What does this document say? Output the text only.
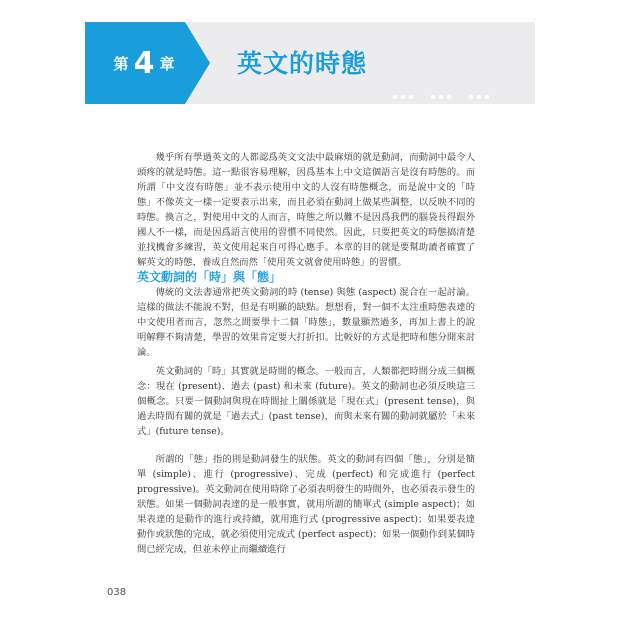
第 4 章	英文的時態

幾乎所有學過英文的人都認爲英文文法中最麻煩的就是動詞，而動詞中最令人頭疼的就是時態。這一點很容易理解，因爲基本上中文這個語言是沒有時態的。而所謂「中文沒有時態」並不表示使用中文的人沒有時態概念，而是說中文的「時態」不像英文一樣一定要表示出來，而且必須在動詞上做某些調整，以反映不同的時態。換言之，對使用中文的人而言，時態之所以難不是因爲我們的腦袋長得跟外國人不一樣，而是因爲語言使用的習慣不同使然。因此，只要把英文的時態搞清楚並找機會多練習，英文使用起來自可得心應手。本章的目的就是要幫助讀者確實了解英文的時態，養成自然而然「使用英文就會使用時態」的習慣。

英文動詞的「時」與「態」

傳統的文法書通常把英文動詞的時 (tense) 與態 (aspect) 混合在一起討論。這樣的做法不能說不對，但是有明顯的缺點。想想看，對一個不太注重時態表達的中文使用者而言，忽然之間要學十二個「時態」，數量顯然過多，再加上書上的說明解釋不夠清楚，學習的效果肯定要大打折扣。比較好的方式是把時和態分開來討論。

英文動詞的「時」其實就是時間的概念。一般而言，人類都把時間分成三個概念：現在 (present)、過去 (past) 和未來 (future)。英文的動詞也必須反映這三個概念。只要一個動詞與現在時間扯上關係就是「現在式」(present tense)，與過去時間有關的就是「過去式」(past tense)，而與未來有關的動詞就屬於「未來式」(future tense)。

所謂的「態」指的則是動詞發生的狀態。英文的動詞有四個「態」，分別是簡單 (simple)、進行 (progressive)、完成 (perfect) 和完成進行 (perfect progressive)。英文動詞在使用時除了必須表明發生的時間外，也必須表示發生的狀態。如果一個動詞表達的是一般事實，就用所謂的簡單式 (simple aspect)；如果表達的是動作的進行或持續，就用進行式 (progressive aspect)；如果要表達動作或狀態的完成，就必須使用完成式 (perfect aspect)；如果一個動作到某個時間已經完成，但並未停止而繼續進行

038
